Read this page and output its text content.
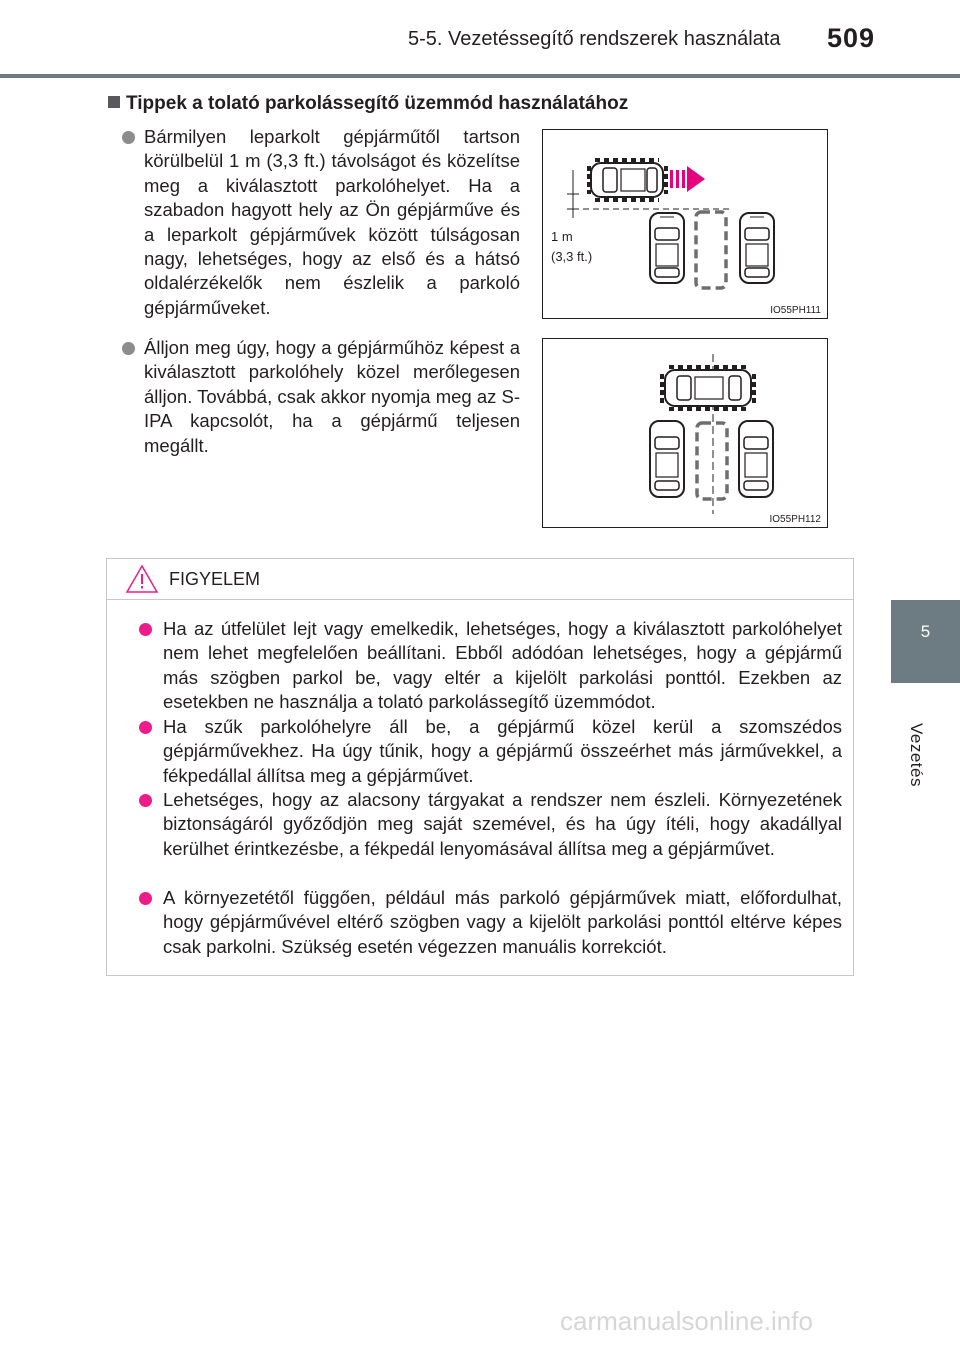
5-5. Vezetéssegítő rendszerek használata 509
5
Vezetés
Tippek a tolató parkolássegítő üzemmód használatához
Bármilyen leparkolt gépjárműtől tartson körülbelül 1 m (3,3 ft.) távolságot és közelítse meg a kiválasztott parkolóhelyet. Ha a szabadon hagyott hely az Ön gépjárműve és a leparkolt gépjárművek között túlságosan nagy, lehetséges, hogy az első és a hátsó oldalérzékelők nem észlelik a parkoló gépjárműveket.
Álljon meg úgy, hogy a gépjárműhöz képest a kiválasztott parkolóhely közel merőlegesen álljon. Továbbá, csak akkor nyomja meg az S-IPA kapcsolót, ha a gépjármű teljesen megállt.
1 m
(3,3 ft.)
IO55PH111
IO55PH112
FIGYELEM
Ha az útfelület lejt vagy emelkedik, lehetséges, hogy a kiválasztott parkolóhelyet nem lehet megfelelően beállítani. Ebből adódóan lehetséges, hogy a gépjármű más szögben parkol be, vagy eltér a kijelölt parkolási ponttól. Ezekben az esetekben ne használja a tolató parkolássegítő üzemmódot.
Ha szűk parkolóhelyre áll be, a gépjármű közel kerül a szomszédos gépjárművekhez. Ha úgy tűnik, hogy a gépjármű összeérhet más járművekkel, a fékpedállal állítsa meg a gépjárművet.
Lehetséges, hogy az alacsony tárgyakat a rendszer nem észleli. Környezetének biztonságáról győződjön meg saját szemével, és ha úgy ítéli, hogy akadállyal kerülhet érintkezésbe, a fékpedál lenyomásával állítsa meg a gépjárművet.
A környezetétől függően, például más parkoló gépjárművek miatt, előfordulhat, hogy gépjárművével eltérő szögben vagy a kijelölt parkolási ponttól eltérve képes csak parkolni. Szükség esetén végezzen manuális korrekciót.
carmanualsonline.info
